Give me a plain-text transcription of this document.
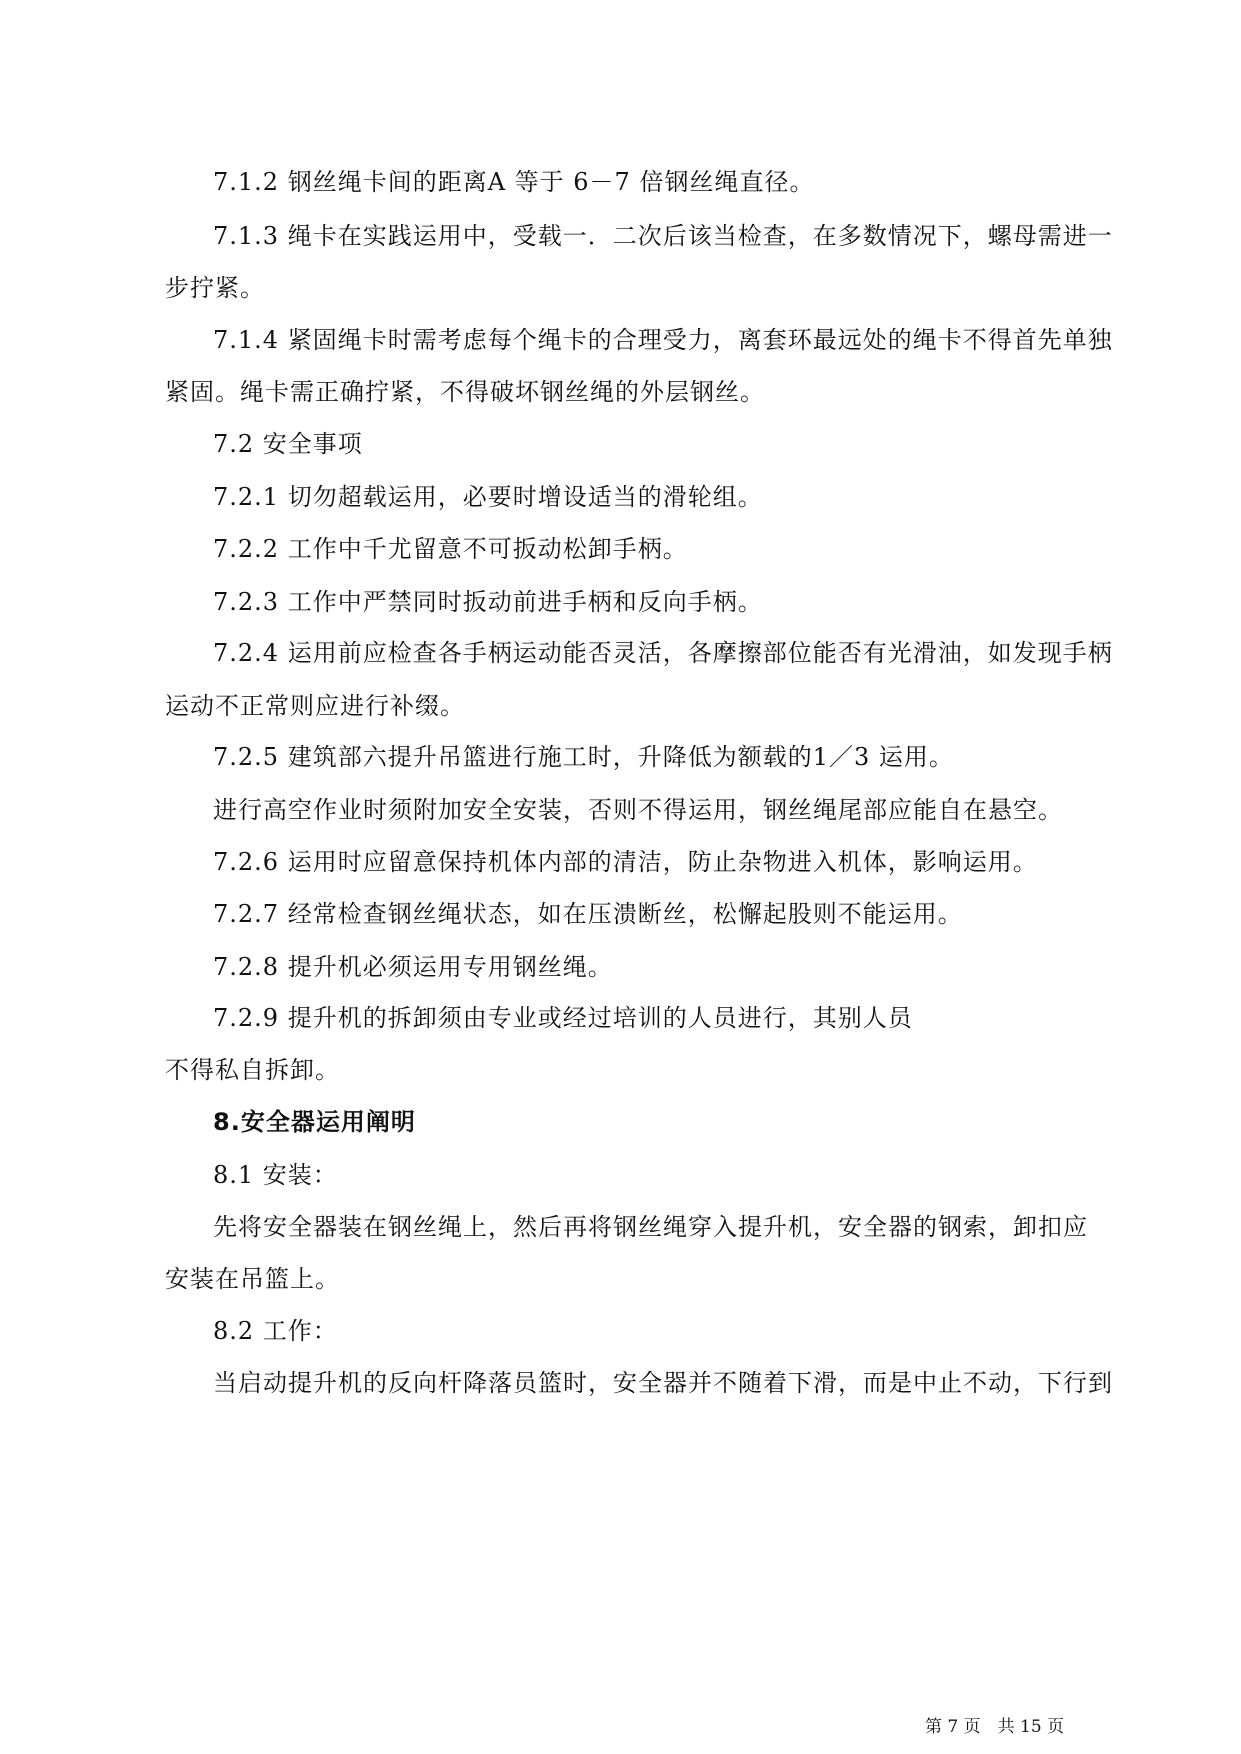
7.1.2 钢丝绳卡间的距离A 等于 6－7 倍钢丝绳直径。
7.1.3 绳卡在实践运用中，受载一．二次后该当检查，在多数情况下，螺母需进一
步拧紧。
7.1.4 紧固绳卡时需考虑每个绳卡的合理受力，离套环最远处的绳卡不得首先单独
紧固。绳卡需正确拧紧，不得破坏钢丝绳的外层钢丝。
7.2 安全事项
7.2.1 切勿超载运用，必要时增设适当的滑轮组。
7.2.2 工作中千尤留意不可扳动松卸手柄。
7.2.3 工作中严禁同时扳动前进手柄和反向手柄。
7.2.4 运用前应检查各手柄运动能否灵活，各摩擦部位能否有光滑油，如发现手柄
运动不正常则应进行补缀。
7.2.5 建筑部六提升吊篮进行施工时，升降低为额载的1／3 运用。
进行高空作业时须附加安全安装，否则不得运用，钢丝绳尾部应能自在悬空。
7.2.6 运用时应留意保持机体内部的清洁，防止杂物进入机体，影响运用。
7.2.7 经常检查钢丝绳状态，如在压溃断丝，松懈起股则不能运用。
7.2.8 提升机必须运用专用钢丝绳。
7.2.9 提升机的拆卸须由专业或经过培训的人员进行，其别人员
不得私自拆卸。
8.安全器运用阐明
8.1 安装：
先将安全器装在钢丝绳上，然后再将钢丝绳穿入提升机，安全器的钢索，卸扣应
安装在吊篮上。
8.2 工作：
当启动提升机的反向杆降落员篮时，安全器并不随着下滑，而是中止不动，下行到
第 7 页　共 15 页
